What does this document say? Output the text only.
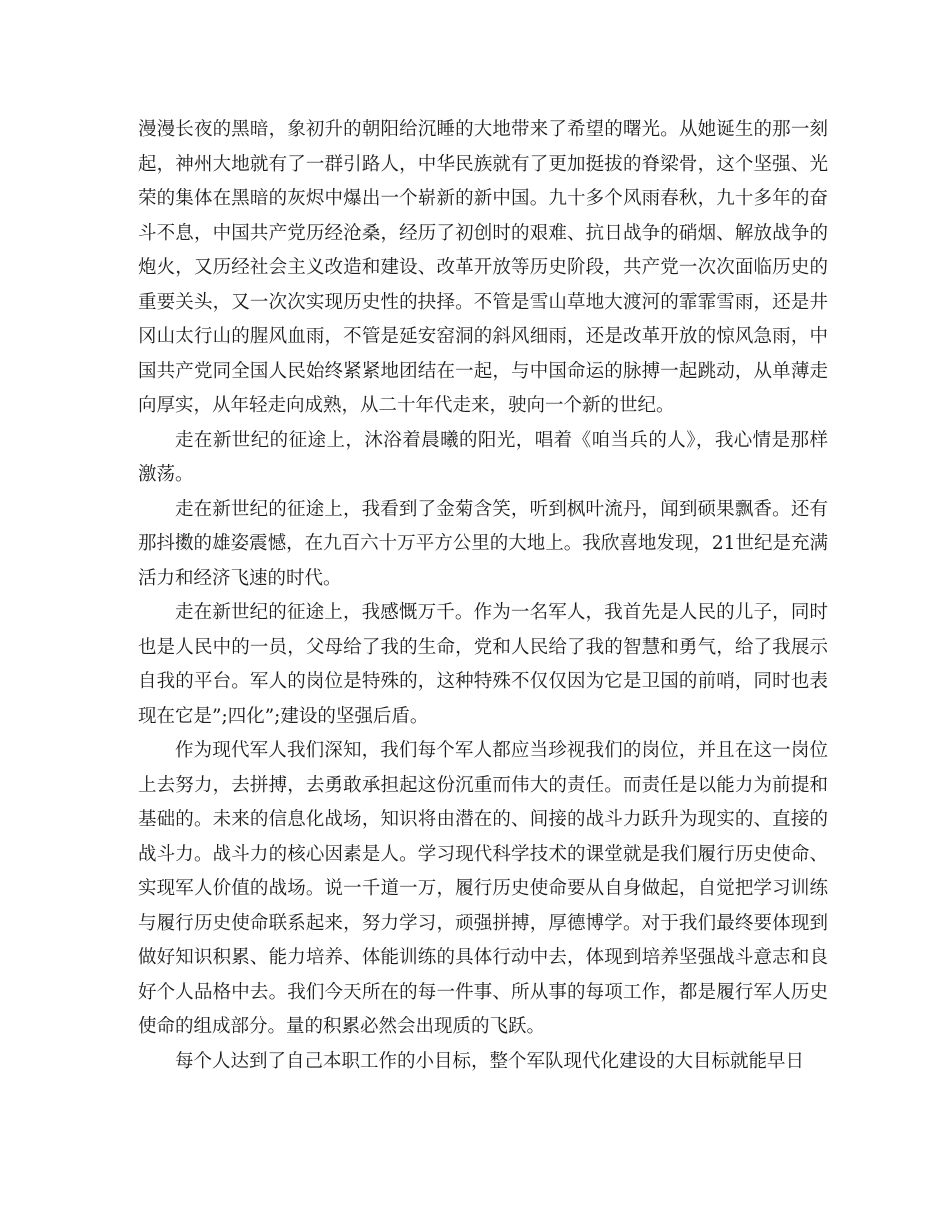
漫漫长夜的黑暗，象初升的朝阳给沉睡的大地带来了希望的曙光。从她诞生的那一刻起，神州大地就有了一群引路人，中华民族就有了更加挺拔的脊梁骨，这个坚强、光荣的集体在黑暗的灰烬中爆出一个崭新的新中国。九十多个风雨春秋，九十多年的奋斗不息，中国共产党历经沧桑，经历了初创时的艰难、抗日战争的硝烟、解放战争的炮火，又历经社会主义改造和建设、改革开放等历史阶段，共产党一次次面临历史的重要关头，又一次次实现历史性的抉择。不管是雪山草地大渡河的霏霏雪雨，还是井冈山太行山的腥风血雨，不管是延安窑洞的斜风细雨，还是改革开放的惊风急雨，中国共产党同全国人民始终紧紧地团结在一起，与中国命运的脉搏一起跳动，从单薄走向厚实，从年轻走向成熟，从二十年代走来，驶向一个新的世纪。

走在新世纪的征途上，沐浴着晨曦的阳光，唱着《咱当兵的人》，我心情是那样激荡。

走在新世纪的征途上，我看到了金菊含笑，听到枫叶流丹，闻到硕果飘香。还有那抖擞的雄姿震憾，在九百六十万平方公里的大地上。我欣喜地发现，21世纪是充满活力和经济飞速的时代。

走在新世纪的征途上，我感慨万千。作为一名军人，我首先是人民的儿子，同时也是人民中的一员，父母给了我的生命，党和人民给了我的智慧和勇气，给了我展示自我的平台。军人的岗位是特殊的，这种特殊不仅仅因为它是卫国的前哨，同时也表现在它是”;四化”;建设的坚强后盾。

作为现代军人我们深知，我们每个军人都应当珍视我们的岗位，并且在这一岗位上去努力，去拼搏，去勇敢承担起这份沉重而伟大的责任。而责任是以能力为前提和基础的。未来的信息化战场，知识将由潜在的、间接的战斗力跃升为现实的、直接的战斗力。战斗力的核心因素是人。学习现代科学技术的课堂就是我们履行历史使命、实现军人价值的战场。说一千道一万，履行历史使命要从自身做起，自觉把学习训练与履行历史使命联系起来，努力学习，顽强拼搏，厚德博学。对于我们最终要体现到做好知识积累、能力培养、体能训练的具体行动中去，体现到培养坚强战斗意志和良好个人品格中去。我们今天所在的每一件事、所从事的每项工作，都是履行军人历史使命的组成部分。量的积累必然会出现质的飞跃。

每个人达到了自己本职工作的小目标，整个军队现代化建设的大目标就能早日
